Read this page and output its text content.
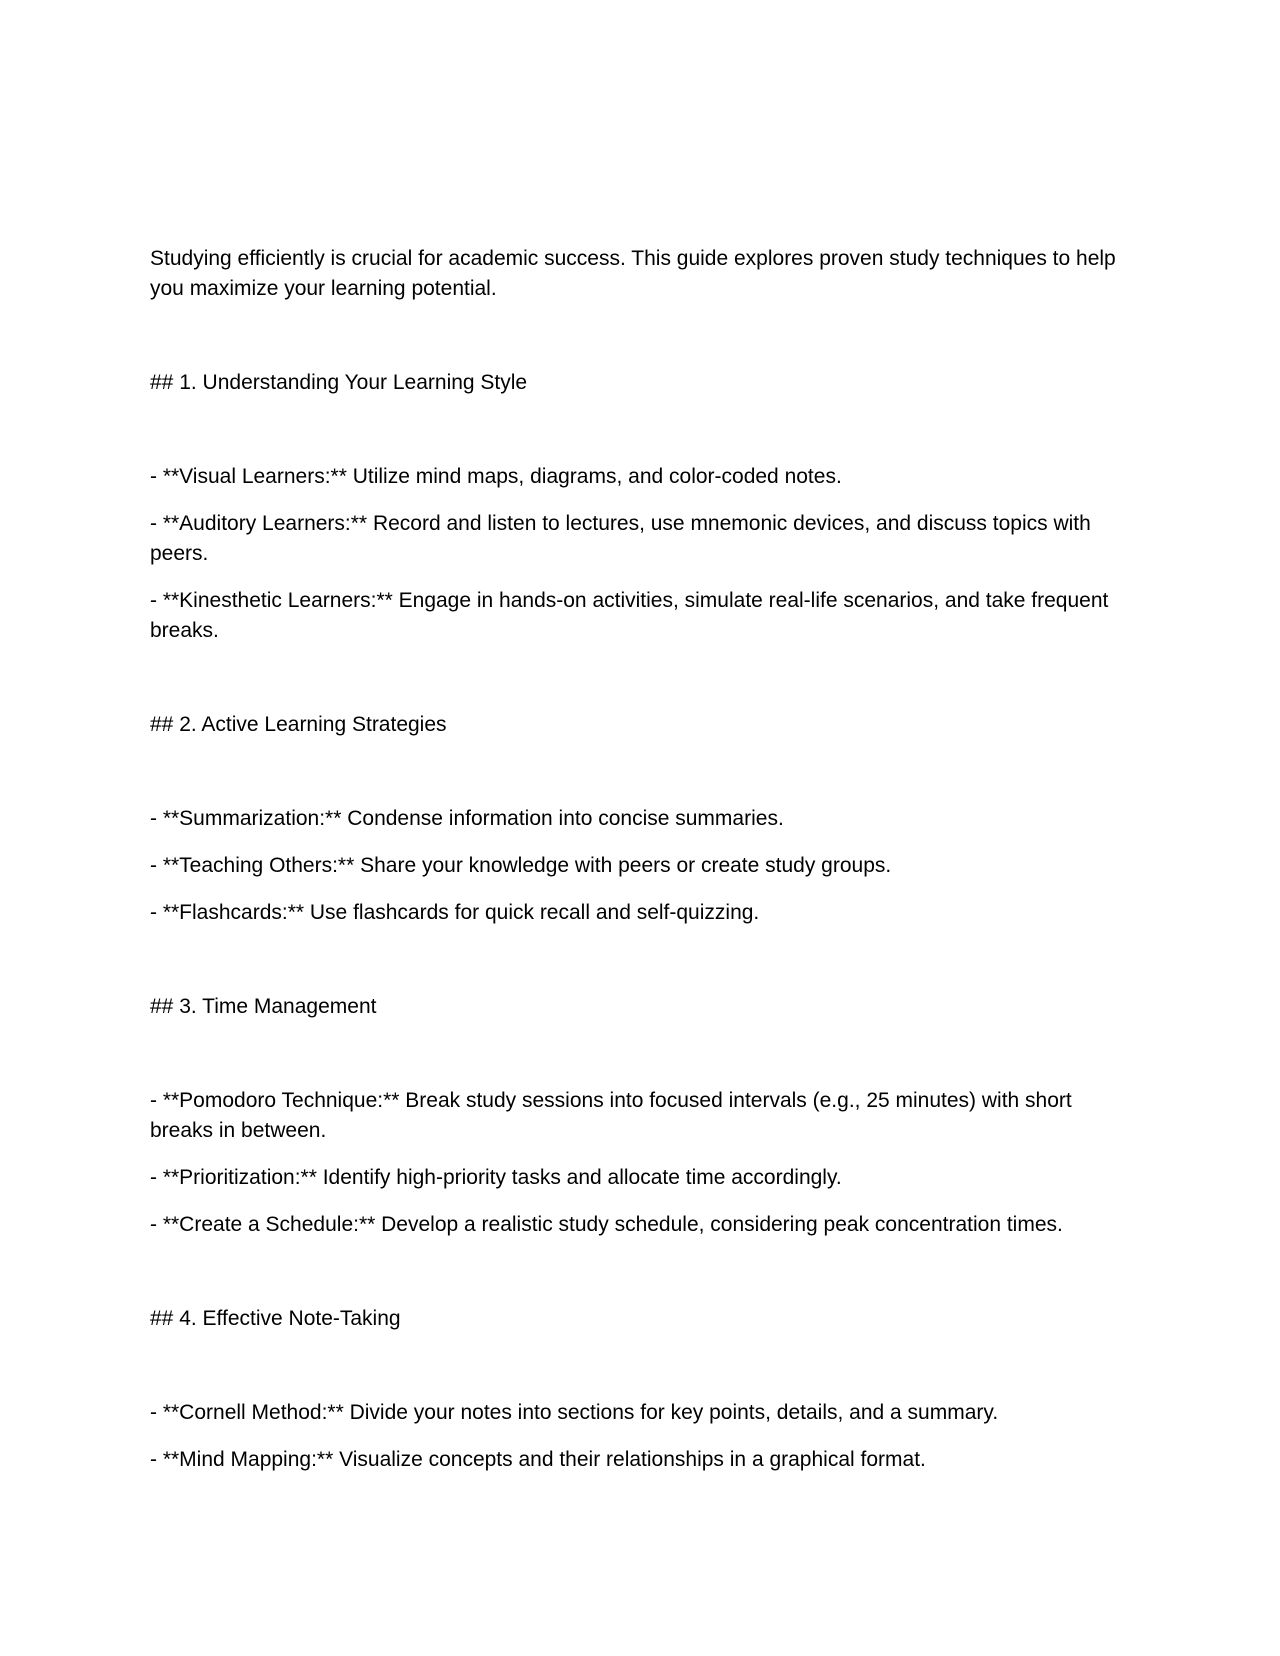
Studying efficiently is crucial for academic success. This guide explores proven study techniques to help you maximize your learning potential.

## 1. Understanding Your Learning Style

- **Visual Learners:** Utilize mind maps, diagrams, and color-coded notes.

- **Auditory Learners:** Record and listen to lectures, use mnemonic devices, and discuss topics with peers.

- **Kinesthetic Learners:** Engage in hands-on activities, simulate real-life scenarios, and take frequent breaks.

## 2. Active Learning Strategies

- **Summarization:** Condense information into concise summaries.

- **Teaching Others:** Share your knowledge with peers or create study groups.

- **Flashcards:** Use flashcards for quick recall and self-quizzing.

## 3. Time Management

- **Pomodoro Technique:** Break study sessions into focused intervals (e.g., 25 minutes) with short breaks in between.

- **Prioritization:** Identify high-priority tasks and allocate time accordingly.

- **Create a Schedule:** Develop a realistic study schedule, considering peak concentration times.

## 4. Effective Note-Taking

- **Cornell Method:** Divide your notes into sections for key points, details, and a summary.

- **Mind Mapping:** Visualize concepts and their relationships in a graphical format.
